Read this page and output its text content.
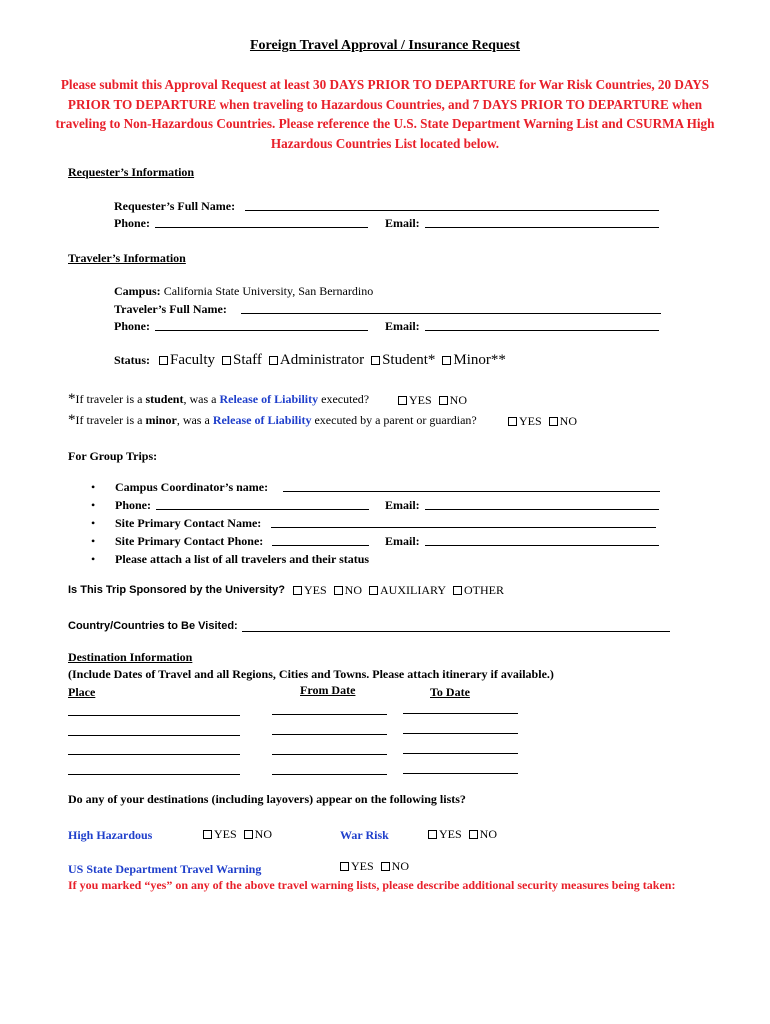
Foreign Travel Approval / Insurance Request
Please submit this Approval Request at least 30 DAYS PRIOR TO DEPARTURE for War Risk Countries, 20 DAYS PRIOR TO DEPARTURE when traveling to Hazardous Countries, and 7 DAYS PRIOR TO DEPARTURE when traveling to Non-Hazardous Countries. Please reference the U.S. State Department Warning List and CSURMA High Hazardous Countries List located below.
Requester’s Information
Requester’s Full Name:
Phone:	Email:
Traveler’s Information
Campus: California State University, San Bernardino
Traveler’s Full Name:
Phone:	Email:
Status: Faculty Staff Administrator Student* Minor**
*If traveler is a student, was a Release of Liability executed?	YES NO
*If traveler is a minor, was a Release of Liability executed by a parent or guardian?	YES NO
For Group Trips:
• Campus Coordinator’s name:
• Phone:	Email:
• Site Primary Contact Name:
• Site Primary Contact Phone:	Email:
• Please attach a list of all travelers and their status
Is This Trip Sponsored by the University?	YES NO AUXILIARY OTHER
Country/Countries to Be Visited:
Destination Information
(Include Dates of Travel and all Regions, Cities and Towns. Please attach itinerary if available.)
Place	From Date	To Date
Do any of your destinations (including layovers) appear on the following lists?
High Hazardous	YES NO	War Risk	YES NO
US State Department Travel Warning	YES NO
If you marked “yes” on any of the above travel warning lists, please describe additional security measures being taken:
